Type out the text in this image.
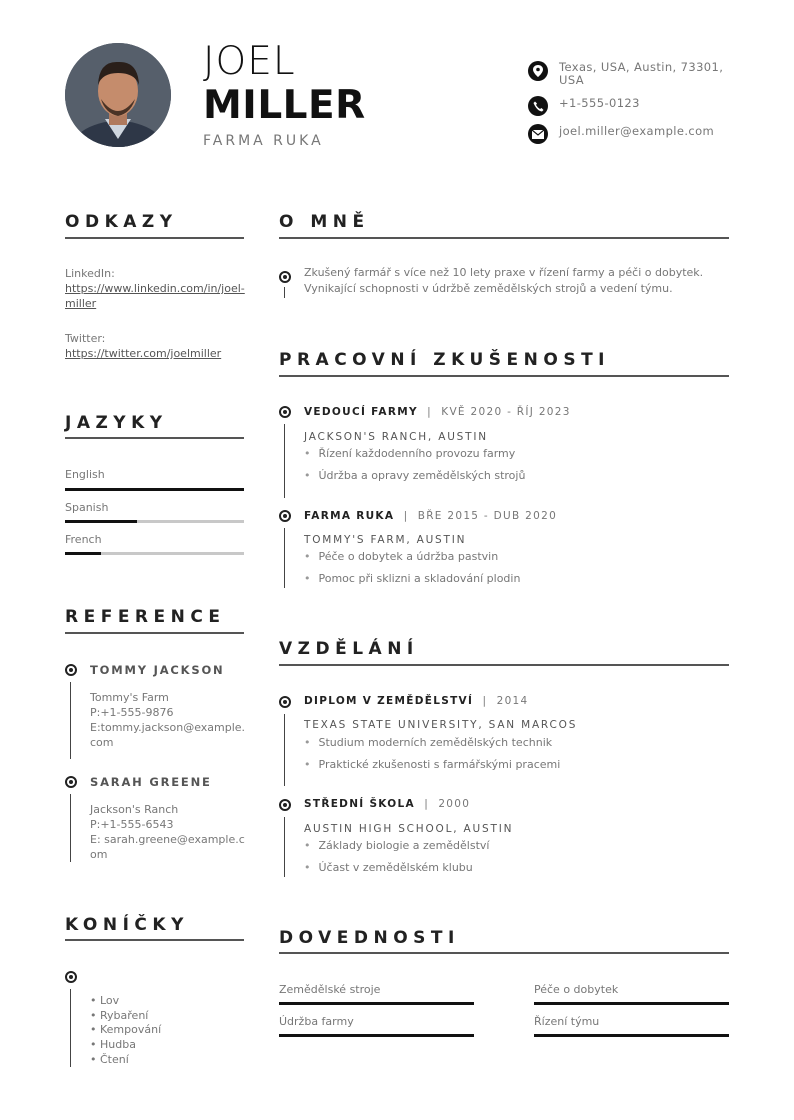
JOEL
MILLER
FARMA RUKA
Texas, USA, Austin, 73301, USA
+1-555-0123
joel.miller@example.com
ODKAZY
LinkedIn:
https://www.linkedin.com/in/joel-miller
Twitter:
https://twitter.com/joelmiller
JAZYKY
English
Spanish
French
REFERENCE
TOMMY JACKSON
Tommy's Farm
P:+1-555-9876
E:tommy.jackson@example.com
SARAH GREENE
Jackson's Ranch
P:+1-555-6543
E: sarah.greene@example.com
KONÍČKY
• Lov
• Rybaření
• Kempování
• Hudba
• Čtení
O MNĚ
Zkušený farmář s více než 10 lety praxe v řízení farmy a péči o dobytek. Vynikající schopnosti v údržbě zemědělských strojů a vedení týmu.
PRACOVNÍ ZKUŠENOSTI
VEDOUCÍ FARMY  |  KVĚ 2020 - ŘÍJ 2023
JACKSON'S RANCH, AUSTIN
• Řízení každodenního provozu farmy
• Údržba a opravy zemědělských strojů
FARMA RUKA  |  BŘE 2015 - DUB 2020
TOMMY'S FARM, AUSTIN
• Péče o dobytek a údržba pastvin
• Pomoc při sklizni a skladování plodin
VZDĚLÁNÍ
DIPLOM V ZEMĚDĚLSTVÍ  |  2014
TEXAS STATE UNIVERSITY, SAN MARCOS
• Studium moderních zemědělských technik
• Praktické zkušenosti s farmářskými pracemi
STŘEDNÍ ŠKOLA  |  2000
AUSTIN HIGH SCHOOL, AUSTIN
• Základy biologie a zemědělství
• Účast v zemědělském klubu
DOVEDNOSTI
Zemědělské stroje	Péče o dobytek
Údržba farmy	Řízení týmu
